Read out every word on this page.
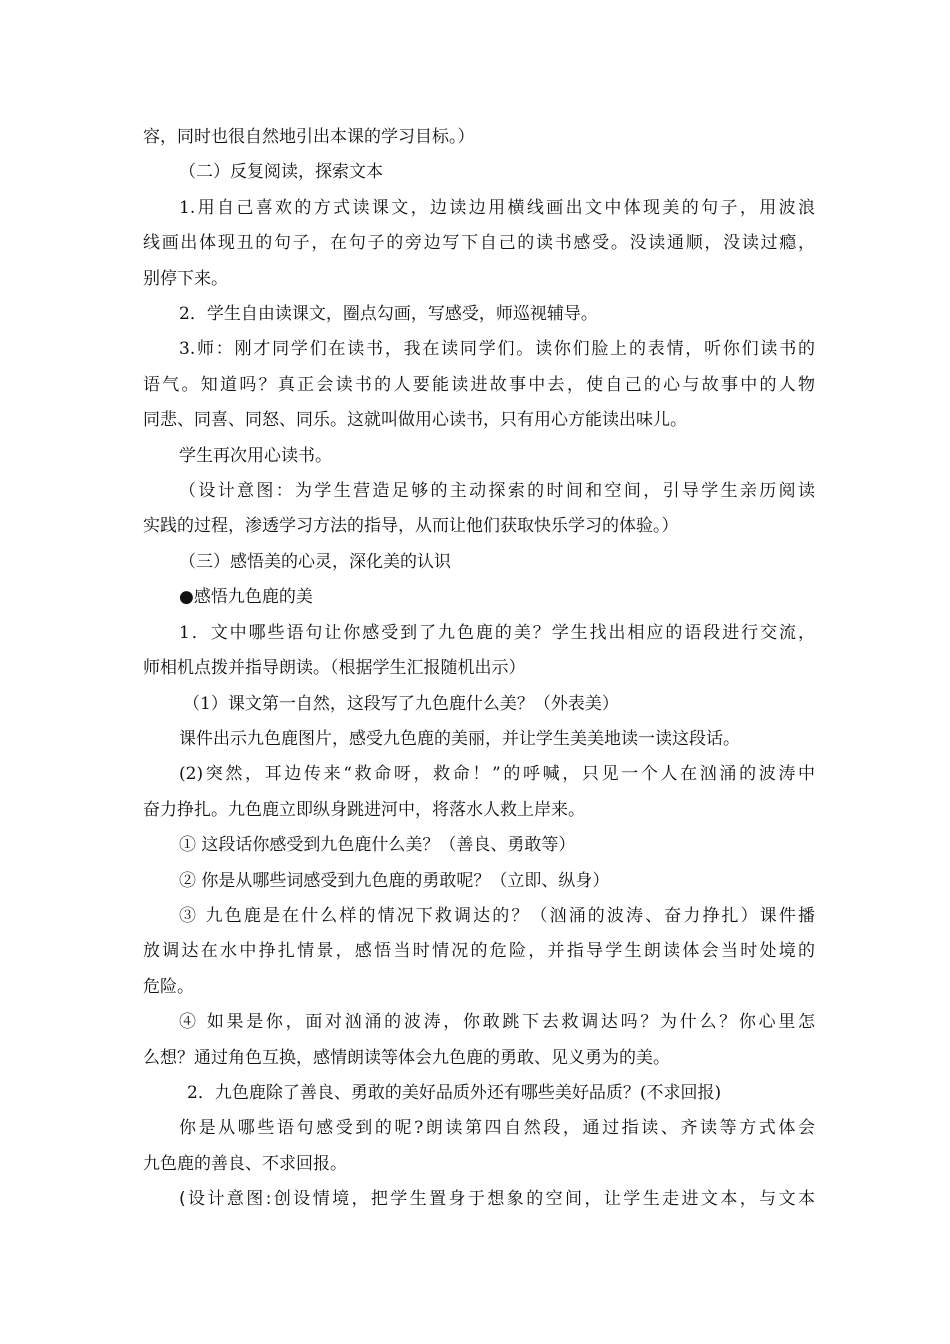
容，同时也很自然地引出本课的学习目标。）

（二）反复阅读，探索文本

1.用自己喜欢的方式读课文，边读边用横线画出文中体现美的句子，用波浪

线画出体现丑的句子，在句子的旁边写下自己的读书感受。没读通顺，没读过瘾，

别停下来。

2．学生自由读课文，圈点勾画，写感受，师巡视辅导。

3.师：刚才同学们在读书，我在读同学们。读你们脸上的表情，听你们读书的

语气。知道吗？真正会读书的人要能读进故事中去，使自己的心与故事中的人物

同悲、同喜、同怒、同乐。这就叫做用心读书，只有用心方能读出味儿。

学生再次用心读书。

（设计意图：为学生营造足够的主动探索的时间和空间，引导学生亲历阅读

实践的过程，渗透学习方法的指导，从而让他们获取快乐学习的体验。）

（三）感悟美的心灵，深化美的认识

●感悟九色鹿的美

1．文中哪些语句让你感受到了九色鹿的美？学生找出相应的语段进行交流，

师相机点拨并指导朗读。（根据学生汇报随机出示）

（1）课文第一自然，这段写了九色鹿什么美？（外表美）

课件出示九色鹿图片，感受九色鹿的美丽，并让学生美美地读一读这段话。

(2)突然，耳边传来“救命呀，救命！”的呼喊，只见一个人在汹涌的波涛中

奋力挣扎。九色鹿立即纵身跳进河中，将落水人救上岸来。

① 这段话你感受到九色鹿什么美？（善良、勇敢等）

② 你是从哪些词感受到九色鹿的勇敢呢？（立即、纵身）

③ 九色鹿是在什么样的情况下救调达的？（汹涌的波涛、奋力挣扎）课件播

放调达在水中挣扎情景，感悟当时情况的危险，并指导学生朗读体会当时处境的

危险。

④ 如果是你，面对汹涌的波涛，你敢跳下去救调达吗？为什么？你心里怎

么想？通过角色互换，感情朗读等体会九色鹿的勇敢、见义勇为的美。

2．九色鹿除了善良、勇敢的美好品质外还有哪些美好品质？(不求回报)

你是从哪些语句感受到的呢?朗读第四自然段，通过指读、齐读等方式体会

九色鹿的善良、不求回报。

(设计意图:创设情境，把学生置身于想象的空间，让学生走进文本，与文本
